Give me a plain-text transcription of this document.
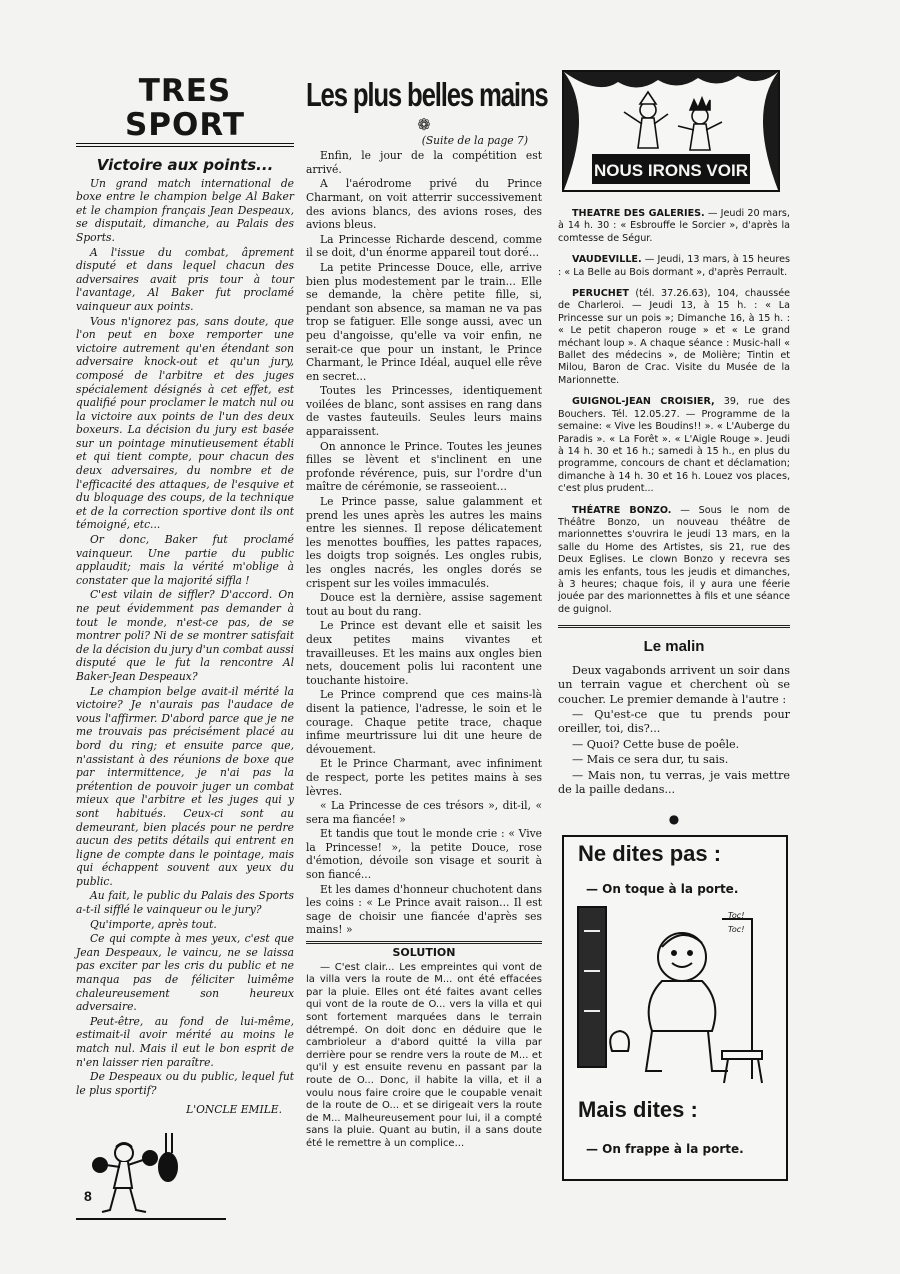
TRES SPORT
Victoire aux points...

Un grand match international de boxe entre le champion belge Al Baker et le champion français Jean Despeaux, se disputait, dimanche, au Palais des Sports.

A l'issue du combat, âprement disputé et dans lequel chacun des adversaires avait pris tour à tour l'avantage, Al Baker fut proclamé vainqueur aux points.

Vous n'ignorez pas, sans doute, que l'on peut en boxe remporter une victoire autrement qu'en étendant son adversaire knock-out et qu'un jury, composé de l'arbitre et des juges spécialement désignés à cet effet, est qualifié pour proclamer le match nul ou la victoire aux points de l'un des deux boxeurs. La décision du jury est basée sur un pointage minutieusement établi et qui tient compte, pour chacun des deux adversaires, du nombre et de l'efficacité des attaques, de l'esquive et du bloquage des coups, de la technique et de la correction sportive dont ils ont témoigné, etc...

Or donc, Baker fut proclamé vainqueur. Une partie du public applaudit; mais la vérité m'oblige à constater que la majorité siffla !

C'est vilain de siffler? D'accord. On ne peut évidemment pas demander à tout le monde, n'est-ce pas, de se montrer poli? Ni de se montrer satisfait de la décision du jury d'un combat aussi disputé que le fut la rencontre Al Baker-Jean Despeaux?

Le champion belge avait-il mérité la victoire? Je n'aurais pas l'audace de vous l'affirmer. D'abord parce que je ne me trouvais pas précisément placé au bord du ring; et ensuite parce que, n'assistant à des réunions de boxe que par intermittence, je n'ai pas la prétention de pouvoir juger un combat mieux que l'arbitre et les juges qui y sont habitués. Ceux-ci sont au demeurant, bien placés pour ne perdre aucun des petits détails qui entrent en ligne de compte dans le pointage, mais qui échappent souvent aux yeux du public.

Au fait, le public du Palais des Sports a-t-il sifflé le vainqueur ou le jury?

Qu'importe, après tout.

Ce qui compte à mes yeux, c'est que Jean Despeaux, le vaincu, ne se laissa pas exciter par les cris du public et ne manqua pas de féliciter luimême chaleureusement son heureux adversaire.

Peut-être, au fond de lui-même, estimait-il avoir mérité au moins le match nul. Mais il eut le bon esprit de n'en laisser rien paraître.

De Despeaux ou du public, lequel fut le plus sportif?

L'ONCLE EMILE.
8
Les plus belles mains
❁
(Suite de la page 7)

Enfin, le jour de la compétition est arrivé.

A l'aérodrome privé du Prince Charmant, on voit atterrir successivement des avions blancs, des avions roses, des avions bleus.

La Princesse Richarde descend, comme il se doit, d'un énorme appareil tout doré...

La petite Princesse Douce, elle, arrive bien plus modestement par le train... Elle se demande, la chère petite fille, si, pendant son absence, sa maman ne va pas trop se fatiguer. Elle songe aussi, avec un peu d'angoisse, qu'elle va voir enfin, ne serait-ce que pour un instant, le Prince Charmant, le Prince Idéal, auquel elle rêve en secret...

Toutes les Princesses, identiquement voilées de blanc, sont assises en rang dans de vastes fauteuils. Seules leurs mains apparaissent.

On annonce le Prince. Toutes les jeunes filles se lèvent et s'inclinent en une profonde révérence, puis, sur l'ordre d'un maître de cérémonie, se rasseoient...

Le Prince passe, salue galamment et prend les unes après les autres les mains entre les siennes. Il repose délicatement les menottes bouffies, les pattes rapaces, les doigts trop soignés. Les ongles rubis, les ongles nacrés, les ongles dorés se crispent sur les voiles immaculés.

Douce est la dernière, assise sagement tout au bout du rang.

Le Prince est devant elle et saisit les deux petites mains vivantes et travailleuses. Et les mains aux ongles bien nets, doucement polis lui racontent une touchante histoire.

Le Prince comprend que ces mains-là disent la patience, l'adresse, le soin et le courage. Chaque petite trace, chaque infime meurtrissure lui dit une heure de dévouement.

Et le Prince Charmant, avec infiniment de respect, porte les petites mains à ses lèvres.

« La Princesse de ces trésors », dit-il, « sera ma fiancée! »

Et tandis que tout le monde crie : « Vive la Princesse! », la petite Douce, rose d'émotion, dévoile son visage et sourit à son fiancé...

Et les dames d'honneur chuchotent dans les coins : « Le Prince avait raison... Il est sage de choisir une fiancée d'après ses mains! »

SOLUTION

— C'est clair... Les empreintes qui vont de la villa vers la route de M... ont été effacées par la pluie. Elles ont été faites avant celles qui vont de la route de O... vers la villa et qui sont fortement marquées dans le terrain détrempé. On doit donc en déduire que le cambrioleur a d'abord quitté la villa par derrière pour se rendre vers la route de M... et qu'il y est ensuite revenu en passant par la route de O... Donc, il habite la villa, et il a voulu nous faire croire que le coupable venait de la route de O... et se dirigeait vers la route de M... Malheureusement pour lui, il a compté sans la pluie. Quant au butin, il a sans doute été le remettre à un complice...

NOUS IRONS VOIR

THEATRE DES GALERIES. — Jeudi 20 mars, à 14 h. 30 : « Esbrouffe le Sorcier », d'après la comtesse de Ségur.

VAUDEVILLE. — Jeudi, 13 mars, à 15 heures : « La Belle au Bois dormant », d'après Perrault.

PERUCHET (tél. 37.26.63), 104, chaussée de Charleroi. — Jeudi 13, à 15 h. : « La Princesse sur un pois »; Dimanche 16, à 15 h. : « Le petit chaperon rouge » et « Le grand méchant loup ». A chaque séance : Music-hall « Ballet des médecins », de Molière; Tintin et Milou, Baron de Crac. Visite du Musée de la Marionnette.

GUIGNOL-JEAN CROISIER, 39, rue des Bouchers. Tél. 12.05.27. — Programme de la semaine: « Vive les Boudins!! ». « L'Auberge du Paradis ». « La Forêt ». « L'Aigle Rouge ». Jeudi à 14 h. 30 et 16 h.; samedi à 15 h., en plus du programme, concours de chant et déclamation; dimanche à 14 h. 30 et 16 h. Louez vos places, c'est plus prudent...

THÉATRE BONZO. — Sous le nom de Théâtre Bonzo, un nouveau théâtre de marionnettes s'ouvrira le jeudi 13 mars, en la salle du Home des Artistes, sis 21, rue des Deux Eglises. Le clown Bonzo y recevra ses amis les enfants, tous les jeudis et dimanches, à 3 heures; chaque fois, il y aura une féerie jouée par des marionnettes à fils et une séance de guignol.

Le malin

Deux vagabonds arrivent un soir dans un terrain vague et cherchent où se coucher. Le premier demande à l'autre :

— Qu'est-ce que tu prends pour oreiller, toi, dis?...

— Quoi? Cette buse de poêle.

— Mais ce sera dur, tu sais.

— Mais non, tu verras, je vais mettre de la paille dedans...

●
Ne dites pas :
— On toque à la porte.
Toc! Toc!
Mais dites :
— On frappe à la porte.
